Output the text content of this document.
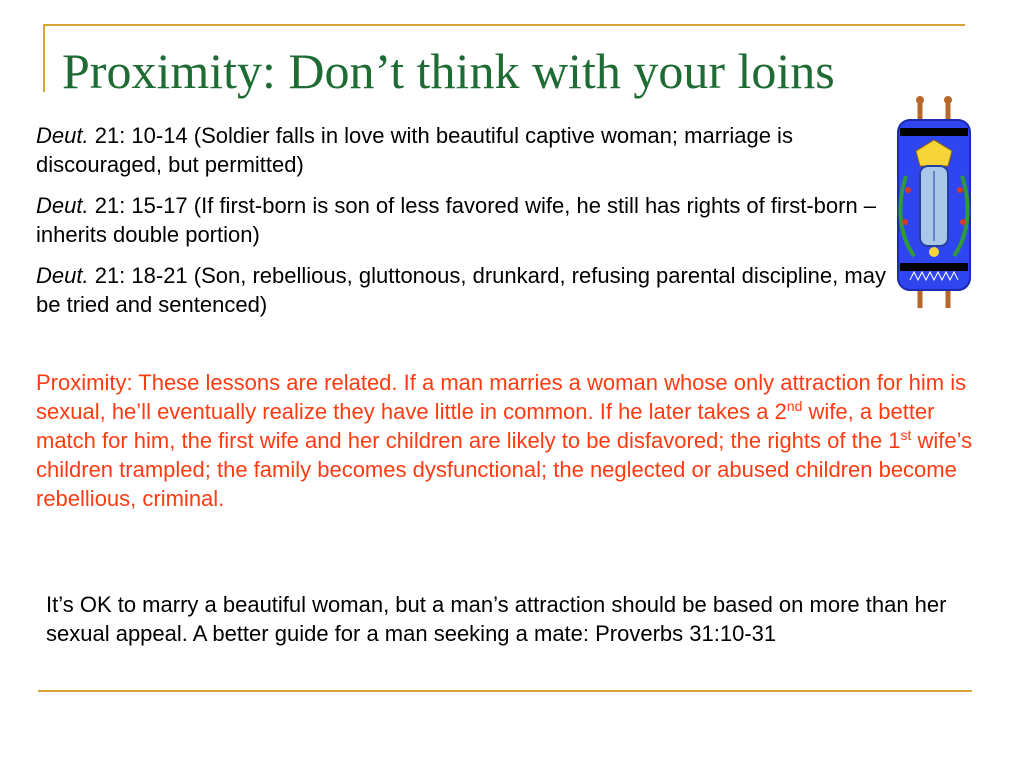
Proximity: Don’t think with your loins
Deut. 21: 10-14 (Soldier falls in love with beautiful captive woman; marriage is discouraged, but permitted)
Deut. 21: 15-17 (If first-born is son of less favored wife, he still has rights of first-born – inherits double portion)
Deut. 21: 18-21 (Son, rebellious, gluttonous, drunkard, refusing parental discipline, may be tried and sentenced)
Proximity: These lessons are related. If a man marries a woman whose only attraction for him is sexual, he’ll eventually realize they have little in common. If he later takes a 2nd wife, a better match for him, the first wife and her children are likely to be disfavored; the rights of the 1st wife’s children trampled; the family becomes dysfunctional; the neglected or abused children become rebellious, criminal.
It’s OK to marry a beautiful woman, but a man’s attraction should be based on more than her sexual appeal. A better guide for a man seeking a mate: Proverbs 31:10-31
